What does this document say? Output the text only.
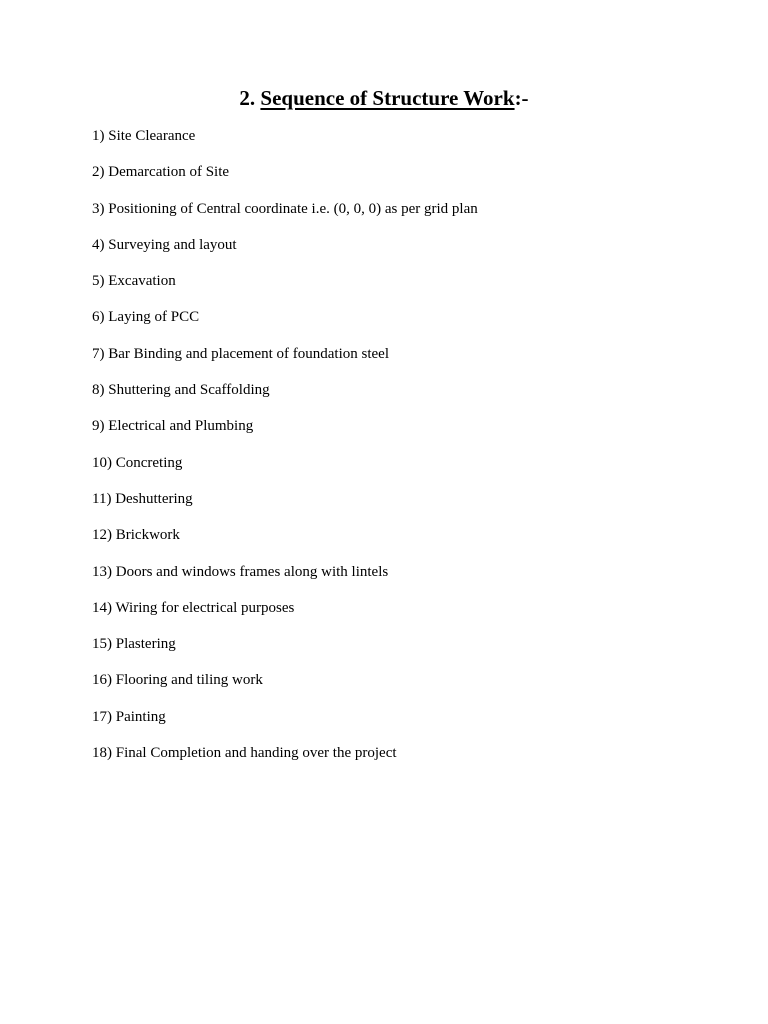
2. Sequence of Structure Work:-
1) Site Clearance
2) Demarcation of Site
3) Positioning of Central coordinate i.e. (0, 0, 0) as per grid plan
4) Surveying and layout
5) Excavation
6) Laying of PCC
7) Bar Binding and placement of foundation steel
8) Shuttering and Scaffolding
9) Electrical and Plumbing
10) Concreting
11) Deshuttering
12) Brickwork
13) Doors and windows frames along with lintels
14) Wiring for electrical purposes
15) Plastering
16) Flooring and tiling work
17) Painting
18) Final Completion and handing over the project
